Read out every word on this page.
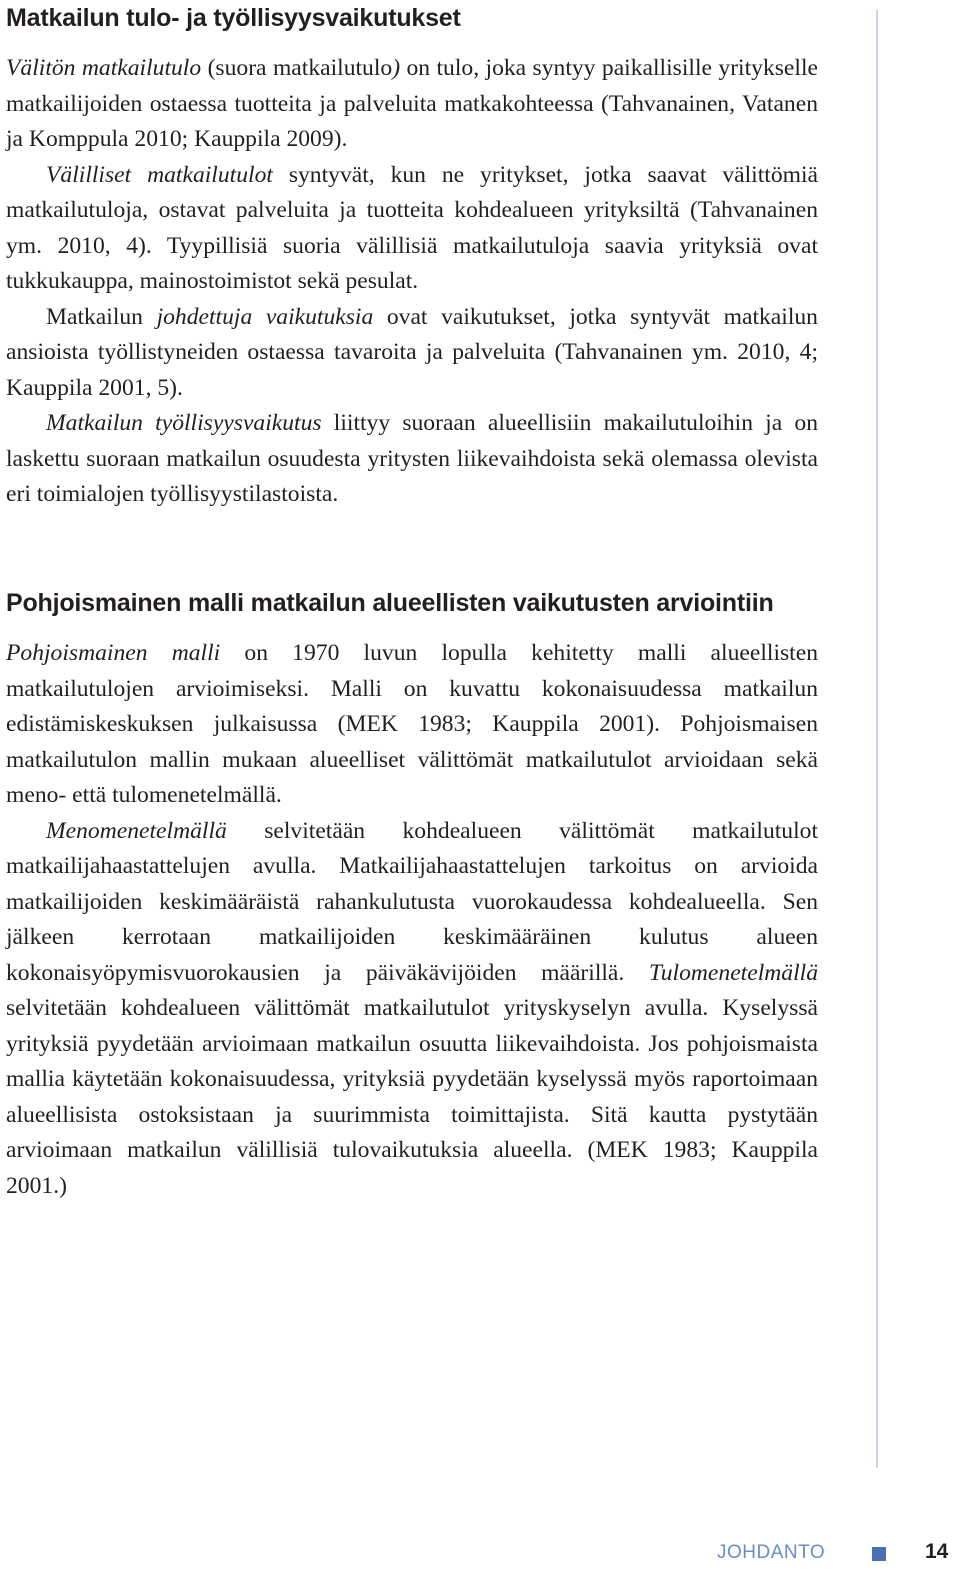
Matkailun tulo- ja työllisyysvaikutukset

Välitön matkailutulo (suora matkailutulo) on tulo, joka syntyy paikallisille yritykselle matkailijoiden ostaessa tuotteita ja palveluita matkakohteessa (Tahvanainen, Vatanen ja Komppula 2010; Kauppila 2009).

Välilliset matkailutulot syntyvät, kun ne yritykset, jotka saavat välittömiä matkailutuloja, ostavat palveluita ja tuotteita kohdealueen yrityksiltä (Tahvanainen ym. 2010, 4). Tyypillisiä suoria välillisiä matkailutuloja saavia yrityksiä ovat tukkukauppa, mainostoimistot sekä pesulat.

Matkailun johdettuja vaikutuksia ovat vaikutukset, jotka syntyvät matkailun ansioista työllistyneiden ostaessa tavaroita ja palveluita (Tahvanainen ym. 2010, 4; Kauppila 2001, 5).

Matkailun työllisyysvaikutus liittyy suoraan alueellisiin makailutuloihin ja on laskettu suoraan matkailun osuudesta yritysten liikevaihdoista sekä olemassa olevista eri toimialojen työllisyystilastoista.

Pohjoismainen malli matkailun alueellisten vaikutusten arviointiin

Pohjoismainen malli on 1970 luvun lopulla kehitetty malli alueellisten matkailutulojen arvioimiseksi. Malli on kuvattu kokonaisuudessa matkailun edistämiskeskuksen julkaisussa (MEK 1983; Kauppila 2001). Pohjoismaisen matkailutulon mallin mukaan alueelliset välittömät matkailutulot arvioidaan sekä meno- että tulomenetelmällä.

Menomenetelmällä selvitetään kohdealueen välittömät matkailutulot matkailijahaastattelujen avulla. Matkailijahaastattelujen tarkoitus on arvioida matkailijoiden keskimääräistä rahankulutusta vuorokaudessa kohdealueella. Sen jälkeen kerrotaan matkailijoiden keskimääräinen kulutus alueen kokonaisyöpymisvuorokausien ja päiväkävijöiden määrillä. Tulomenetelmällä selvitetään kohdealueen välittömät matkailutulot yrityskyselyn avulla. Kyselyssä yrityksiä pyydetään arvioimaan matkailun osuutta liikevaihdoista. Jos pohjoismaista mallia käytetään kokonaisuudessa, yrityksiä pyydetään kyselyssä myös raportoimaan alueellisista ostoksistaan ja suurimmista toimittajista. Sitä kautta pystytään arvioimaan matkailun välillisiä tulovaikutuksia alueella. (MEK 1983; Kauppila 2001.)

JOHDANTO	14
